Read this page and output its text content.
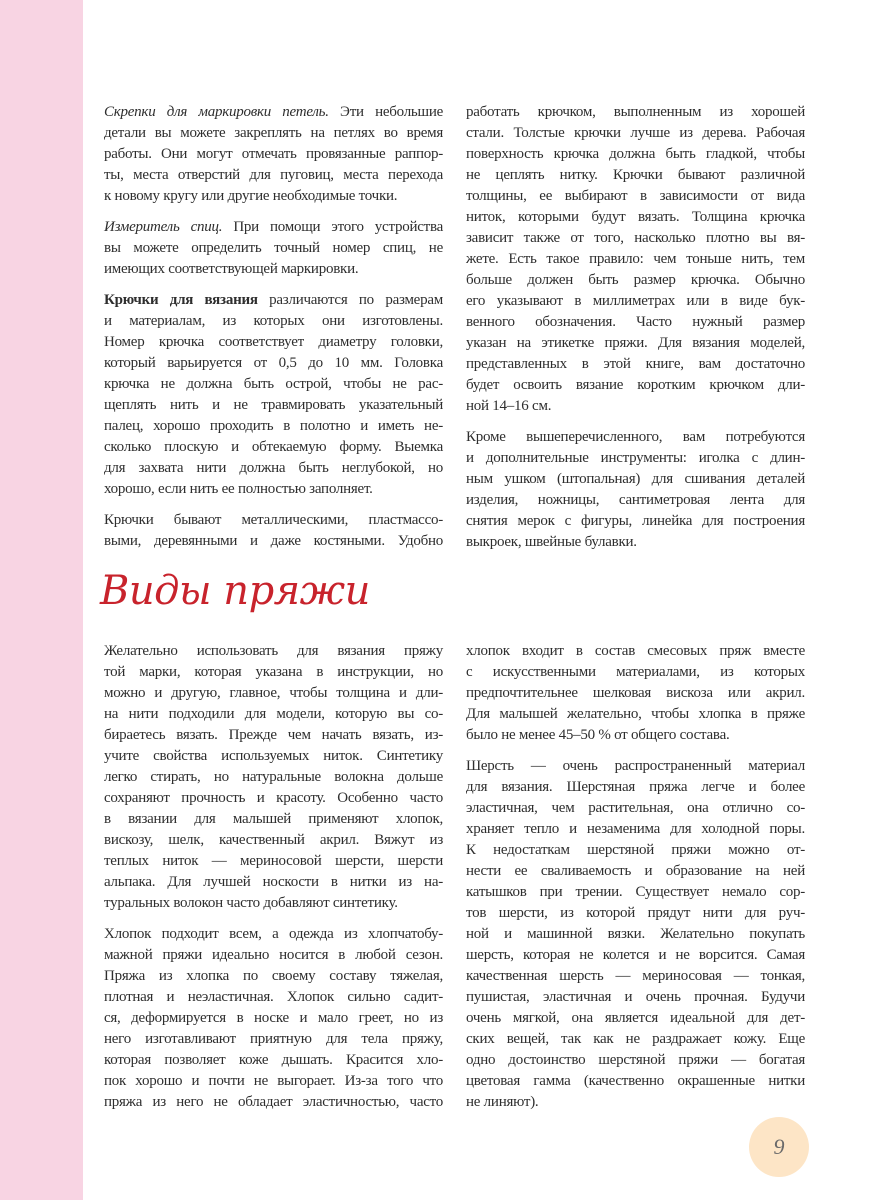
Скрепки для маркировки петель. Эти небольшие
детали вы можете закреплять на петлях во время
работы. Они могут отмечать провязанные раппор-
ты, места отверстий для пуговиц, места перехода
к новому кругу или другие необходимые точки.
Измеритель спиц. При помощи этого устройства
вы можете определить точный номер спиц, не
имеющих соответствующей маркировки.
Крючки для вязания различаются по размерам
и материалам, из которых они изготовлены.
Номер крючка соответствует диаметру головки,
который варьируется от 0,5 до 10 мм. Головка
крючка не должна быть острой, чтобы не рас-
щеплять нить и не травмировать указательный
палец, хорошо проходить в полотно и иметь не-
сколько плоскую и обтекаемую форму. Выемка
для захвата нити должна быть неглубокой, но
хорошо, если нить ее полностью заполняет.
Крючки бывают металлическими, пластмассо-
выми, деревянными и даже костяными. Удобно
работать крючком, выполненным из хорошей
стали. Толстые крючки лучше из дерева. Рабочая
поверхность крючка должна быть гладкой, чтобы
не цеплять нитку. Крючки бывают различной
толщины, ее выбирают в зависимости от вида
ниток, которыми будут вязать. Толщина крючка
зависит также от того, насколько плотно вы вя-
жете. Есть такое правило: чем тоньше нить, тем
больше должен быть размер крючка. Обычно
его указывают в миллиметрах или в виде бук-
венного обозначения. Часто нужный размер
указан на этикетке пряжи. Для вязания моделей,
представленных в этой книге, вам достаточно
будет освоить вязание коротким крючком дли-
ной 14–16 см.
Кроме вышеперечисленного, вам потребуются
и дополнительные инструменты: иголка с длин-
ным ушком (штопальная) для сшивания деталей
изделия, ножницы, сантиметровая лента для
снятия мерок с фигуры, линейка для построения
выкроек, швейные булавки.
Виды пряжи
Желательно использовать для вязания пряжу
той марки, которая указана в инструкции, но
можно и другую, главное, чтобы толщина и дли-
на нити подходили для модели, которую вы со-
бираетесь вязать. Прежде чем начать вязать, из-
учите свойства используемых ниток. Синтетику
легко стирать, но натуральные волокна дольше
сохраняют прочность и красоту. Особенно часто
в вязании для малышей применяют хлопок,
вискозу, шелк, качественный акрил. Вяжут из
теплых ниток — мериносовой шерсти, шерсти
альпака. Для лучшей носкости в нитки из на-
туральных волокон часто добавляют синтетику.
Хлопок подходит всем, а одежда из хлопчатобу-
мажной пряжи идеально носится в любой сезон.
Пряжа из хлопка по своему составу тяжелая,
плотная и неэластичная. Хлопок сильно садит-
ся, деформируется в носке и мало греет, но из
него изготавливают приятную для тела пряжу,
которая позволяет коже дышать. Красится хло-
пок хорошо и почти не выгорает. Из-за того что
пряжа из него не обладает эластичностью, часто
хлопок входит в состав смесовых пряж вместе
с искусственными материалами, из которых
предпочтительнее шелковая вискоза или акрил.
Для малышей желательно, чтобы хлопка в пряже
было не менее 45–50 % от общего состава.
Шерсть — очень распространенный материал
для вязания. Шерстяная пряжа легче и более
эластичная, чем растительная, она отлично со-
храняет тепло и незаменима для холодной поры.
К недостаткам шерстяной пряжи можно от-
нести ее сваливаемость и образование на ней
катышков при трении. Существует немало сор-
тов шерсти, из которой прядут нити для руч-
ной и машинной вязки. Желательно покупать
шерсть, которая не колется и не ворсится. Самая
качественная шерсть — мериносовая — тонкая,
пушистая, эластичная и очень прочная. Будучи
очень мягкой, она является идеальной для дет-
ских вещей, так как не раздражает кожу. Еще
одно достоинство шерстяной пряжи — богатая
цветовая гамма (качественно окрашенные нитки
не линяют).
9
